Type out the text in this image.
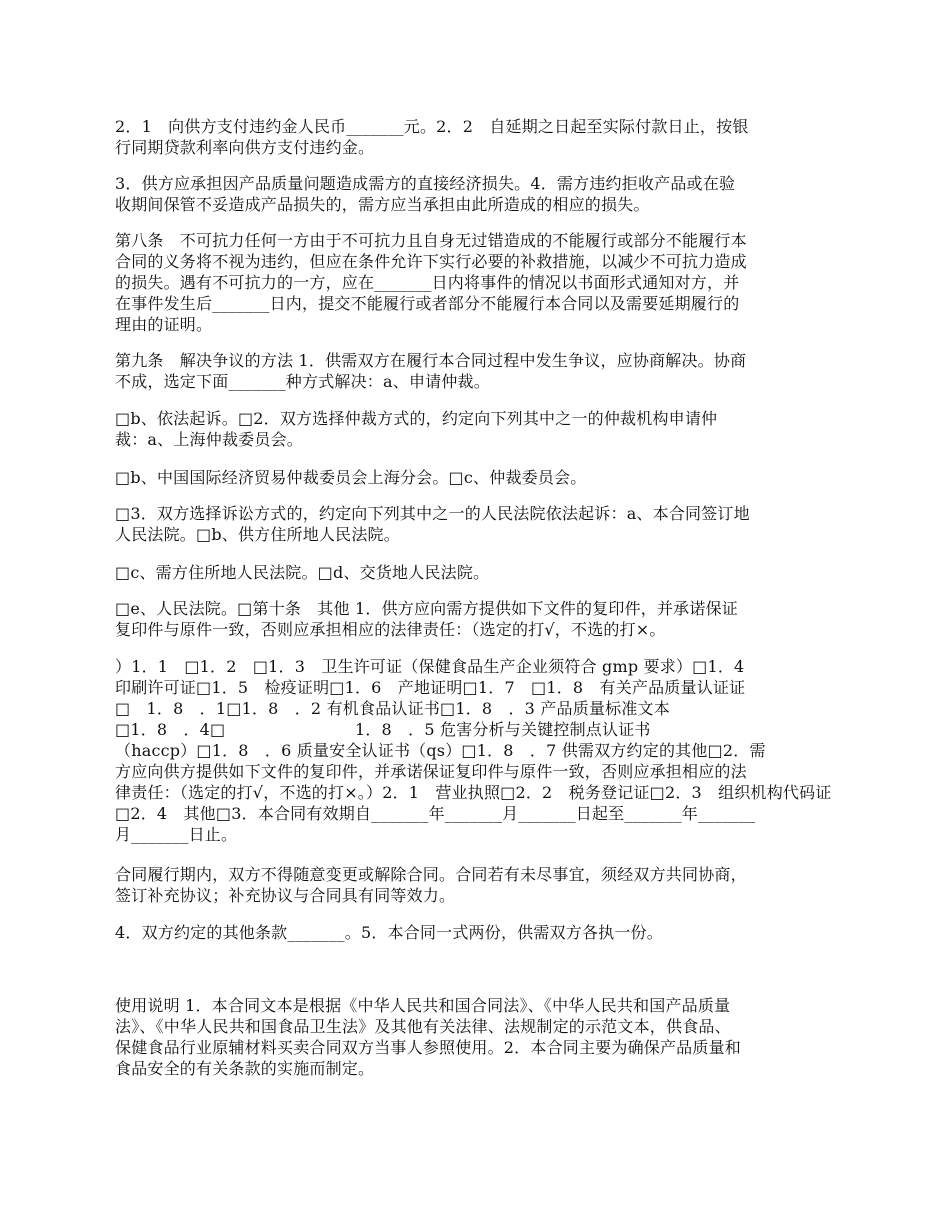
2．1　向供方支付违约金人民币_______元。2．2　自延期之日起至实际付款日止，按银
行同期贷款利率向供方支付违约金。

3．供方应承担因产品质量问题造成需方的直接经济损失。4．需方违约拒收产品或在验
收期间保管不妥造成产品损失的，需方应当承担由此所造成的相应的损失。

第八条　不可抗力任何一方由于不可抗力且自身无过错造成的不能履行或部分不能履行本
合同的义务将不视为违约，但应在条件允许下实行必要的补救措施，以减少不可抗力造成
的损失。遇有不可抗力的一方，应在_______日内将事件的情况以书面形式通知对方，并
在事件发生后_______日内，提交不能履行或者部分不能履行本合同以及需要延期履行的
理由的证明。

第九条　解决争议的方法 1．供需双方在履行本合同过程中发生争议，应协商解决。协商
不成，选定下面_______种方式解决：a、申请仲裁。

□b、依法起诉。□2．双方选择仲裁方式的，约定向下列其中之一的仲裁机构申请仲
裁：a、上海仲裁委员会。

□b、中国国际经济贸易仲裁委员会上海分会。□c、仲裁委员会。

□3．双方选择诉讼方式的，约定向下列其中之一的人民法院依法起诉：a、本合同签订地
人民法院。□b、供方住所地人民法院。

□c、需方住所地人民法院。□d、交货地人民法院。

□e、人民法院。□第十条　其他 1．供方应向需方提供如下文件的复印件，并承诺保证
复印件与原件一致，否则应承担相应的法律责任：（选定的打√，不选的打×。

）1．1　□1．2　□1．3　卫生许可证（保健食品生产企业须符合 gmp 要求）□1．4
印刷许可证□1．5　检疫证明□1．6　产地证明□1．7　□1．8　有关产品质量认证证
□　1．8　．1□1．8　．2 有机食品认证书□1．8　．3 产品质量标准文本
□1．8　．4□　　　　　　　　1．8　．5 危害分析与关键控制点认证书
（haccp）□1．8　．6 质量安全认证书（qs）□1．8　．7 供需双方约定的其他□2．需
方应向供方提供如下文件的复印件，并承诺保证复印件与原件一致，否则应承担相应的法
律责任：（选定的打√，不选的打×。）2．1　营业执照□2．2　税务登记证□2．3　组织机构代码证
□2．4　其他□3．本合同有效期自_______年_______月_______日起至_______年_______
月_______日止。

合同履行期内，双方不得随意变更或解除合同。合同若有未尽事宜，须经双方共同协商，
签订补充协议；补充协议与合同具有同等效力。

4．双方约定的其他条款_______。5．本合同一式两份，供需双方各执一份。

使用说明 1．本合同文本是根据《中华人民共和国合同法》、《中华人民共和国产品质量
法》、《中华人民共和国食品卫生法》及其他有关法律、法规制定的示范文本，供食品、
保健食品行业原辅材料买卖合同双方当事人参照使用。2．本合同主要为确保产品质量和
食品安全的有关条款的实施而制定。
